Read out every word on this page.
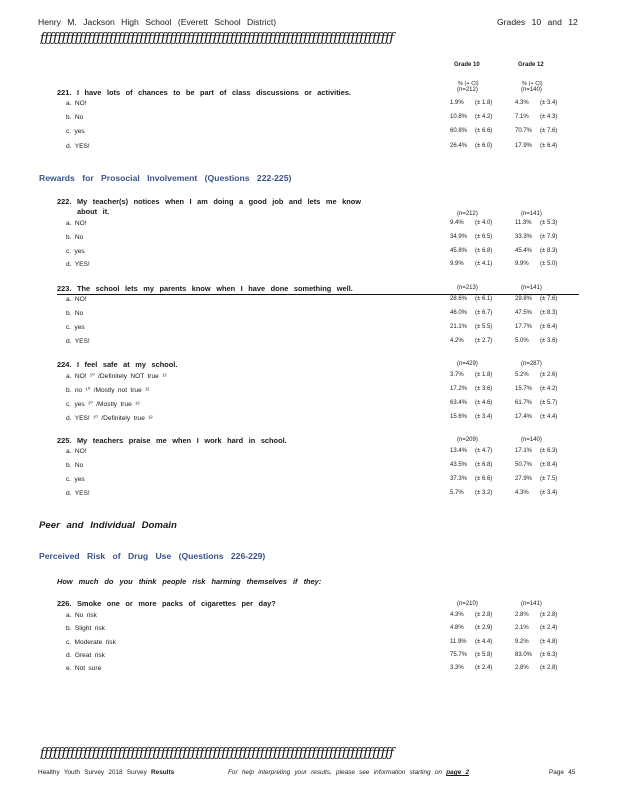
Henry M. Jackson High School (Everett School District)	Grades 10 and 12
ƒƒƒƒƒƒƒƒƒƒƒƒƒƒƒƒƒƒƒƒƒƒƒƒƒƒƒƒƒƒƒƒƒƒƒƒƒƒƒƒƒƒƒƒƒƒƒƒƒƒƒƒƒƒƒƒƒƒƒƒƒƒƒƒƒƒƒƒƒƒƒƒƒƒƒƒƒƒƒƒƒƒ
Grade 10	Grade 12
% (+ CI)	% (+ CI)
(n=212)	(n=140)
221. I have lots of chances to be part of class discussions or activities.
a. NO!	1.9% (± 1.8)	4.3% (± 3.4)
b. No	10.8% (± 4.2)	7.1% (± 4.3)
c. yes	60.8% (± 6.6)	70.7% (± 7.6)
d. YES!	26.4% (± 6.0)	17.9% (± 6.4)
Rewards for Prosocial Involvement (Questions 222-225)
222. My teacher(s) notices when I am doing a good job and lets me know
about it.	(n=212)	(n=141)
a. NO!	9.4% (± 4.0)	11.3% (± 5.3)
b. No	34.9% (± 6.5)	33.3% (± 7.9)
c. yes	45.8% (± 6.8)	45.4% (± 8.3)
d. YES!	9.9% (± 4.1)	9.9% (± 5.0)
223. The school lets my parents know when I have done something well.	(n=213)	(n=141)
a. NO!	28.6% (± 6.1)	29.8% (± 7.6)
b. No	46.0% (± 6.7)	47.5% (± 8.3)
c. yes	21.1% (± 5.5)	17.7% (± 6.4)
d. YES!	4.2% (± 2.7)	5.0% (± 3.6)
224. I feel safe at my school.	(n=429)	(n=287)
a. NO! ¹⁰ /Definitely NOT true ¹²	3.7% (± 1.8)	5.2% (± 2.6)
b. no ¹⁰ /Mostly not true ¹²	17.2% (± 3.6)	15.7% (± 4.2)
c. yes ¹⁰ /Mostly true ¹²	63.4% (± 4.6)	61.7% (± 5.7)
d. YES! ¹⁰ /Definitely true ¹²	15.6% (± 3.4)	17.4% (± 4.4)
225. My teachers praise me when I work hard in school.	(n=209)	(n=140)
a. NO!	13.4% (± 4.7)	17.1% (± 6.3)
b. No	43.5% (± 6.8)	50.7% (± 8.4)
c. yes	37.3% (± 6.6)	27.9% (± 7.5)
d. YES!	5.7% (± 3.2)	4.3% (± 3.4)
Peer and Individual Domain
Perceived Risk of Drug Use (Questions 226-229)
How much do you think people risk harming themselves if they:
226. Smoke one or more packs of cigarettes per day?	(n=210)	(n=141)
a. No risk	4.3% (± 2.8)	2.8% (± 2.8)
b. Slight risk	4.8% (± 2.9)	2.1% (± 2.4)
c. Moderate risk	11.9% (± 4.4)	9.2% (± 4.8)
d. Great risk	75.7% (± 5.8)	83.0% (± 6.3)
e. Not sure	3.3% (± 2.4)	2.8% (± 2.8)
ƒƒƒƒƒƒƒƒƒƒƒƒƒƒƒƒƒƒƒƒƒƒƒƒƒƒƒƒƒƒƒƒƒƒƒƒƒƒƒƒƒƒƒƒƒƒƒƒƒƒƒƒƒƒƒƒƒƒƒƒƒƒƒƒƒƒƒƒƒƒƒƒƒƒƒƒƒƒƒƒƒƒ
Healthy Youth Survey 2018 Survey Results	For help interpreting your results, please see information starting on page 2	Page 45
